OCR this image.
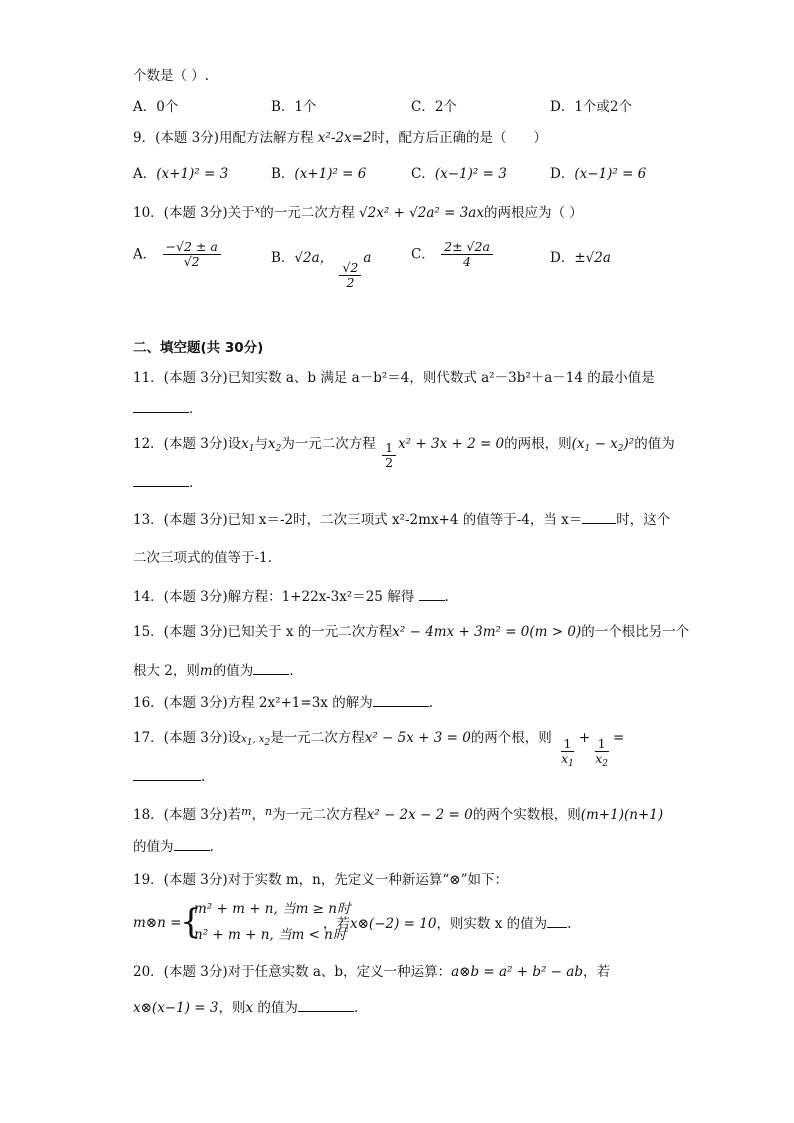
个数是（ ）.
A．0个	B．1个	C．2个	D．1个或2个
9．(本题 3分)用配方法解方程 x²-2x=2时，配方后正确的是（　　）
A．(x+1)² = 3	B．(x+1)² = 6	C．(x−1)² = 3	D．(x−1)² = 6
10．(本题 3分)关于$^x$的一元二次方程 √2x² + √2a² = 3ax的两根应为（ ）
A． $\frac{-√2 \pm a}{√2}$	B．√2a，
$\frac{√2}{2}$
a	C． $\frac{2\pm √2a}{4}$	D．±√2a
二、填空题(共 30分)
11．(本题 3分)已知实数 a、b 满足 a－b²＝4，则代数式 a²－3b²＋a－14 的最小值是
．
12．(本题 3分)设$x_1$与$x_2$为一元二次方程 $\frac{1}{2} x^2 + 3x + 2 = 0$的两根，则$(x_1 - x_2)^2$的值为
．
13．(本题 3分)已知 x＝-2时，二次三项式 x²-2mx+4 的值等于-4，当 x＝	时，这个
二次三项式的值等于-1.
14．(本题 3分)解方程：1+22x-3x²＝25 解得 .
15．(本题 3分)已知关于 x 的一元二次方程x² − 4mx + 3m² = 0(m > 0)的一个根比另一个
根大 2，则m的值为	.
16．(本题 3分)方程 2x²+1=3x 的解为	.
17．(本题 3分)设$x_1$, $x_2$是一元二次方程x² − 5x + 3 = 0的两个根，则 $\frac{1}{x_1} + \frac{1}{x_2}$ =
.
18．(本题 3分)若$^m$，$^n$为一元二次方程x² − 2x − 2 = 0的两个实数根，则(m+1)(n+1)
的值为	.
19．(本题 3分)对于实数 m，n，先定义一种新运算“⊗”如下：
m⊗n =
{
m² + m + n, 当m ≥ n时
n² + m + n, 当m < n时
，若x⊗(−2) = 10，则实数 x 的值为 .
20．(本题 3分)对于任意实数 a、b，定义一种运算：a⊗b = a² + b² − ab，若
x⊗(x−1) = 3，则x 的值为	.
